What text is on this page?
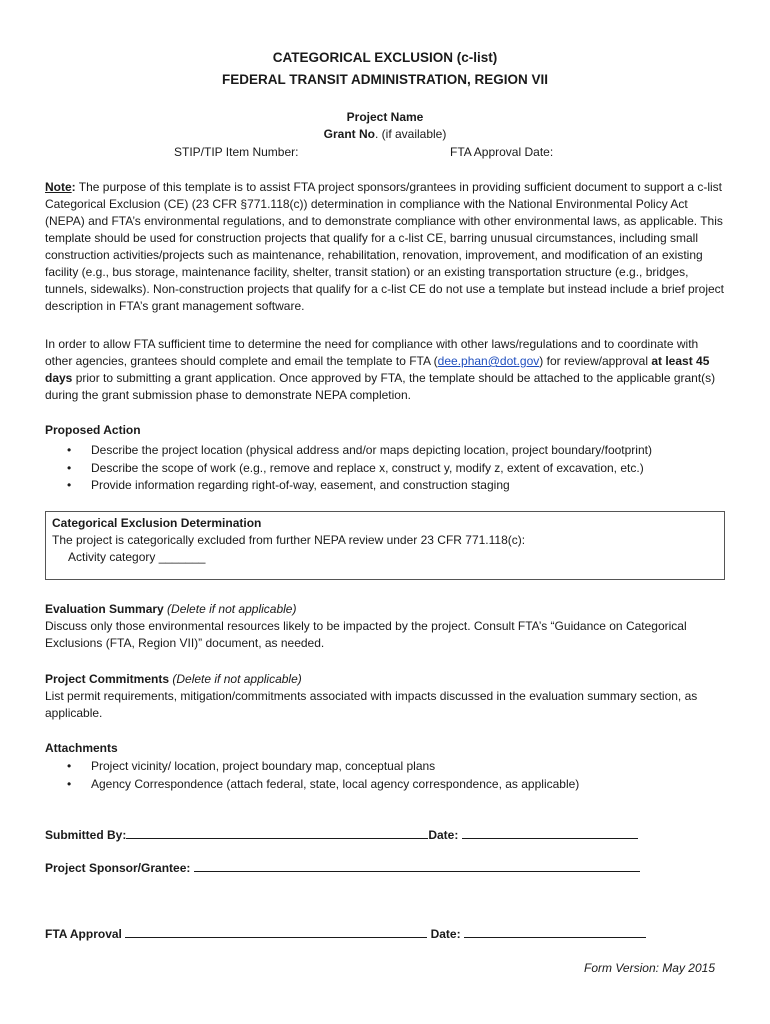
CATEGORICAL EXCLUSION (c-list)
FEDERAL TRANSIT ADMINISTRATION, REGION VII
Project Name
Grant No. (if available)
STIP/TIP Item Number:	FTA Approval Date:
Note: The purpose of this template is to assist FTA project sponsors/grantees in providing sufficient document to support a c-list Categorical Exclusion (CE) (23 CFR §771.118(c)) determination in compliance with the National Environmental Policy Act (NEPA) and FTA’s environmental regulations, and to demonstrate compliance with other environmental laws, as applicable. This template should be used for construction projects that qualify for a c-list CE, barring unusual circumstances, including small construction activities/projects such as maintenance, rehabilitation, renovation, improvement, and modification of an existing facility (e.g., bus storage, maintenance facility, shelter, transit station) or an existing transportation structure (e.g., bridges, tunnels, sidewalks). Non-construction projects that qualify for a c-list CE do not use a template but instead include a brief project description in FTA’s grant management software.
In order to allow FTA sufficient time to determine the need for compliance with other laws/regulations and to coordinate with other agencies, grantees should complete and email the template to FTA (dee.phan@dot.gov) for review/approval at least 45 days prior to submitting a grant application. Once approved by FTA, the template should be attached to the applicable grant(s) during the grant submission phase to demonstrate NEPA completion.
Proposed Action
• Describe the project location (physical address and/or maps depicting location, project boundary/footprint)
• Describe the scope of work (e.g., remove and replace x, construct y, modify z, extent of excavation, etc.)
• Provide information regarding right-of-way, easement, and construction staging
Categorical Exclusion Determination
The project is categorically excluded from further NEPA review under 23 CFR 771.118(c):
Activity category _______
Evaluation Summary (Delete if not applicable)
Discuss only those environmental resources likely to be impacted by the project. Consult FTA’s “Guidance on Categorical Exclusions (FTA, Region VII)” document, as needed.
Project Commitments (Delete if not applicable)
List permit requirements, mitigation/commitments associated with impacts discussed in the evaluation summary section, as applicable.
Attachments
• Project vicinity/ location, project boundary map, conceptual plans
• Agency Correspondence (attach federal, state, local agency correspondence, as applicable)
Submitted By:	Date:
Project Sponsor/Grantee:
FTA Approval	Date:
Form Version: May 2015
